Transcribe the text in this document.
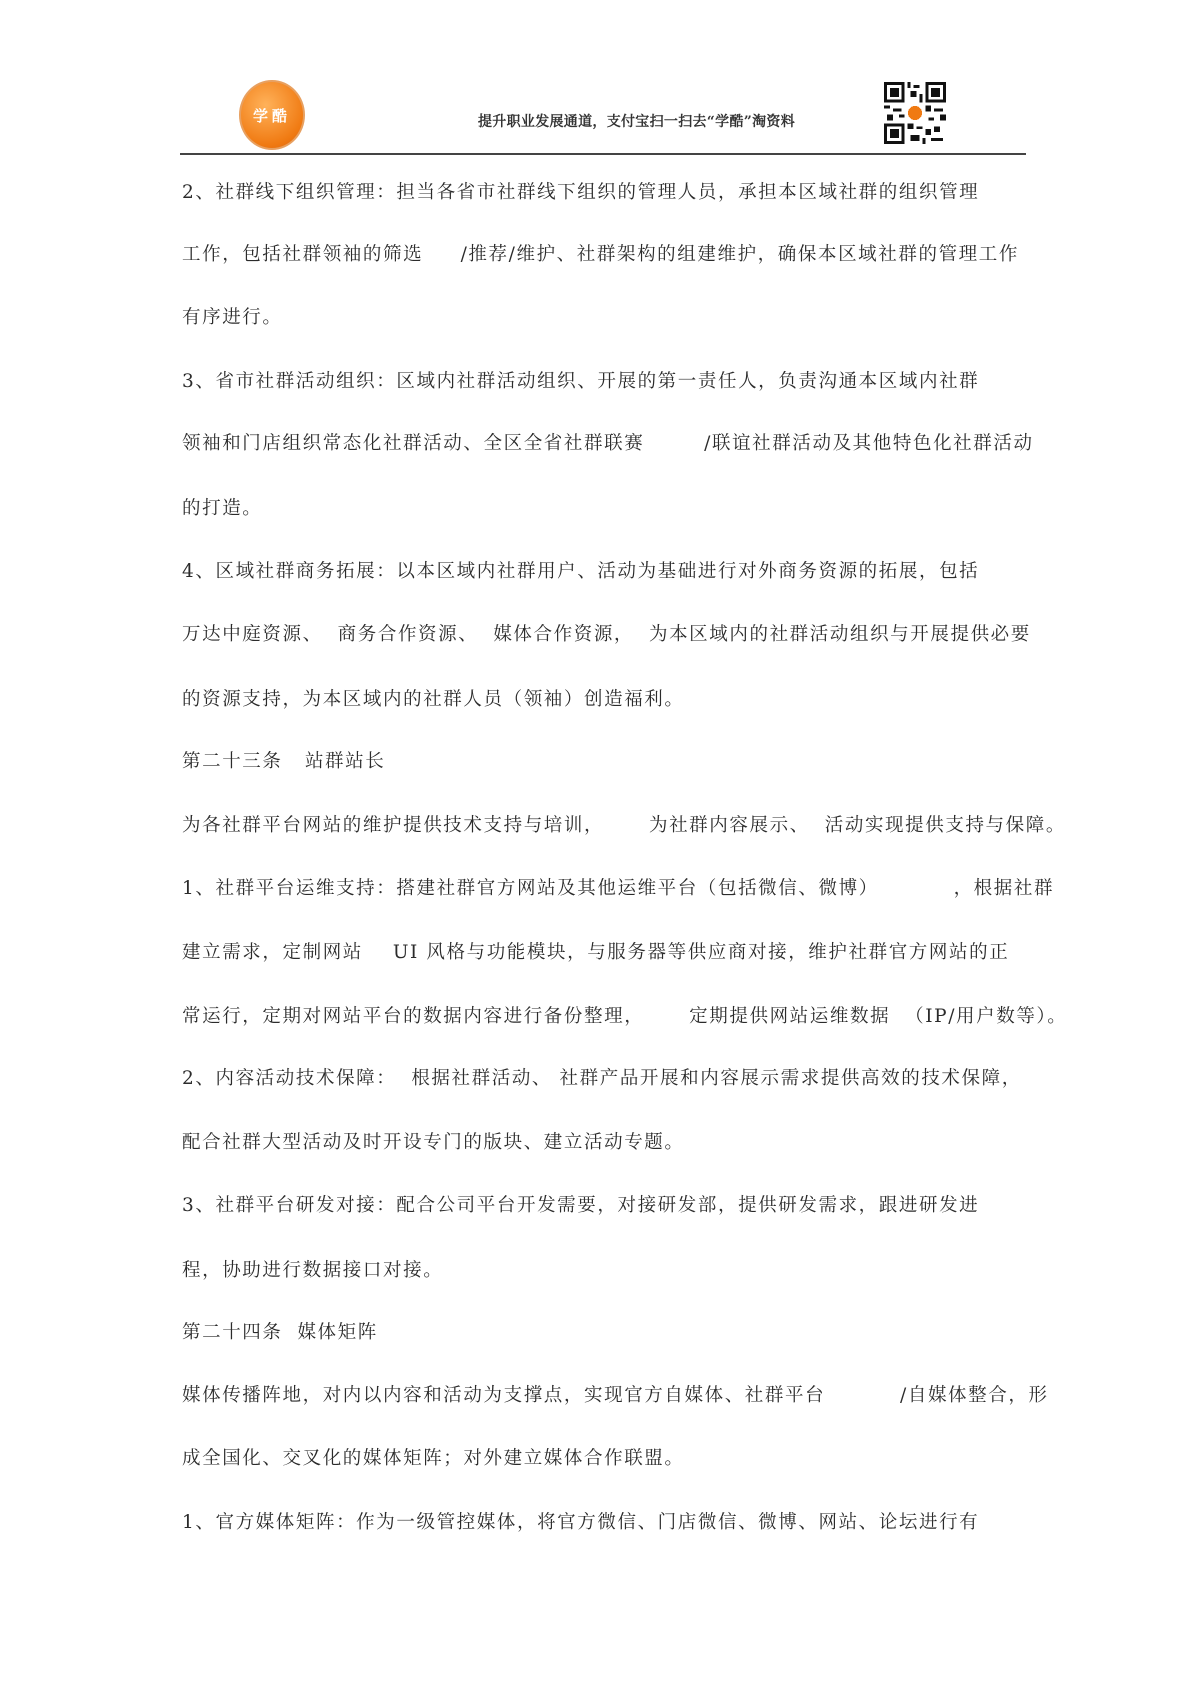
学酷	提升职业发展通道，支付宝扫一扫去“学酷”淘资料
2、社群线下组织管理：担当各省市社群线下组织的管理人员，承担本区域社群的组织管理
工作，包括社群领袖的筛选     /推荐/维护、社群架构的组建维护，确保本区域社群的管理工作
有序进行。
3、省市社群活动组织：区域内社群活动组织、开展的第一责任人，负责沟通本区域内社群
领袖和门店组织常态化社群活动、全区全省社群联赛        /联谊社群活动及其他特色化社群活动
的打造。
4、区域社群商务拓展：以本区域内社群用户、活动为基础进行对外商务资源的拓展，包括
万达中庭资源、  商务合作资源、  媒体合作资源，  为本区域内的社群活动组织与开展提供必要
的资源支持，为本区域内的社群人员（领袖）创造福利。
第二十三条   站群站长
为各社群平台网站的维护提供技术支持与培训，      为社群内容展示、  活动实现提供支持与保障。
1、社群平台运维支持：搭建社群官方网站及其他运维平台（包括微信、微博）          ，根据社群
建立需求，定制网站    UI 风格与功能模块，与服务器等供应商对接，维护社群官方网站的正
常运行，定期对网站平台的数据内容进行备份整理，      定期提供网站运维数据  （IP/用户数等）。
2、内容活动技术保障：  根据社群活动、 社群产品开展和内容展示需求提供高效的技术保障，
配合社群大型活动及时开设专门的版块、建立活动专题。
3、社群平台研发对接：配合公司平台开发需要，对接研发部，提供研发需求，跟进研发进
程，协助进行数据接口对接。
第二十四条  媒体矩阵
媒体传播阵地，对内以内容和活动为支撑点，实现官方自媒体、社群平台          /自媒体整合，形
成全国化、交叉化的媒体矩阵；对外建立媒体合作联盟。
1、官方媒体矩阵：作为一级管控媒体，将官方微信、门店微信、微博、网站、论坛进行有
